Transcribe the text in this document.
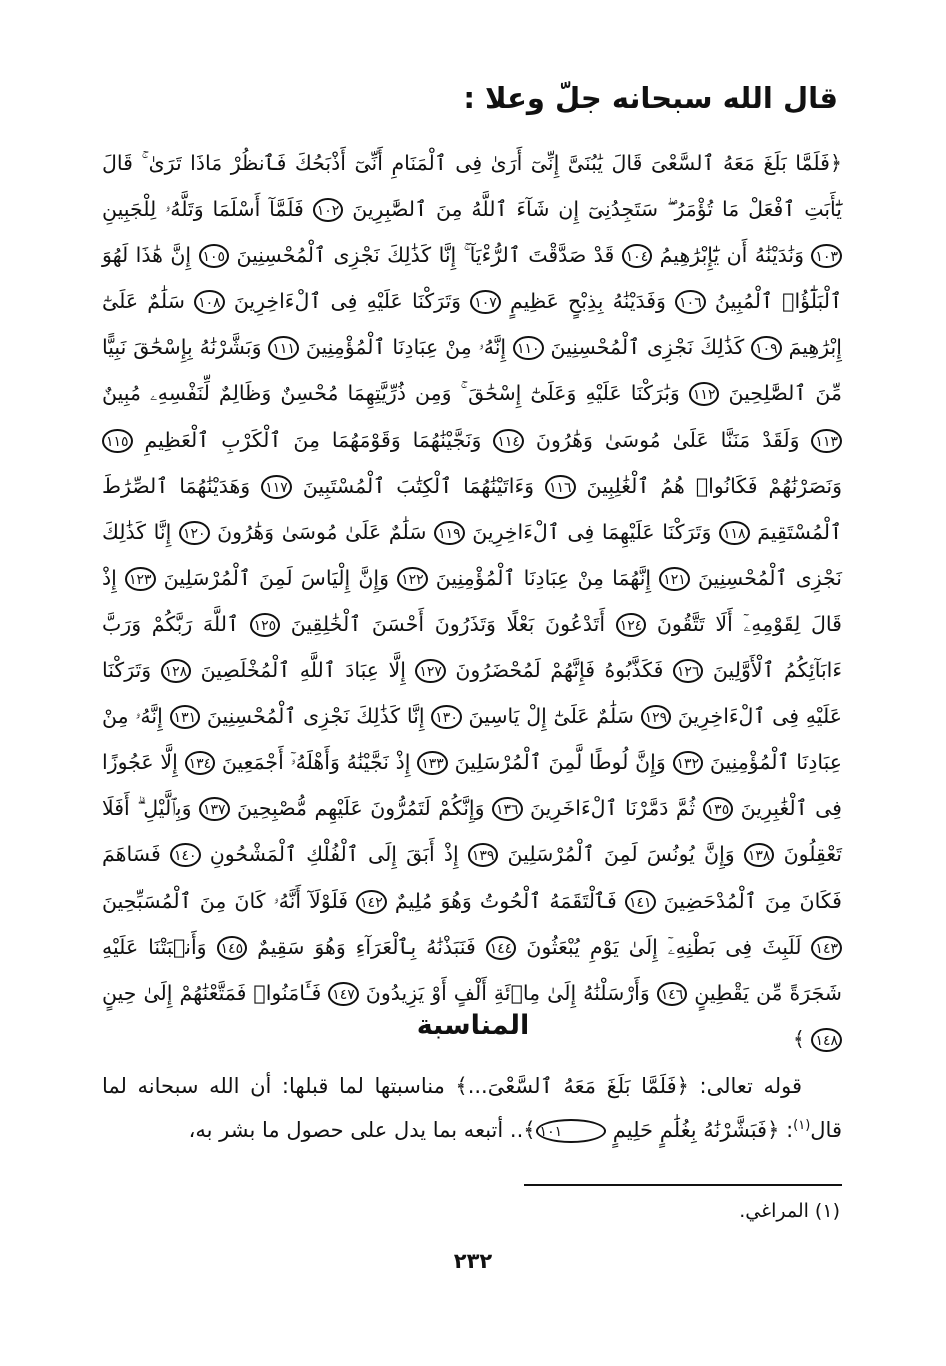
قال الله سبحانه جلّ وعلا :

﴿فَلَمَّا بَلَغَ مَعَهُ ٱلسَّعْىَ قَالَ يَٰبُنَىَّ إِنِّىٓ أَرَىٰ فِى ٱلْمَنَامِ أَنِّىٓ أَذْبَحُكَ فَٱنظُرْ مَاذَا تَرَىٰ ۚ قَالَ يَٰٓأَبَتِ ٱفْعَلْ مَا تُؤْمَرُ ۖ سَتَجِدُنِىٓ إِن شَآءَ ٱللَّهُ مِنَ ٱلصَّٰبِرِينَ ١٠٢ فَلَمَّآ أَسْلَمَا وَتَلَّهُۥ لِلْجَبِينِ ١٠٣ وَنَٰدَيْنَٰهُ أَن يَٰٓإِبْرَٰهِيمُ ١٠٤ قَدْ صَدَّقْتَ ٱلرُّءْيَآ ۚ إِنَّا كَذَٰلِكَ نَجْزِى ٱلْمُحْسِنِينَ ١٠٥ إِنَّ هَٰذَا لَهُوَ ٱلْبَلَٰٓؤُا۟ ٱلْمُبِينُ ١٠٦ وَفَدَيْنَٰهُ بِذِبْحٍ عَظِيمٍ ١٠٧ وَتَرَكْنَا عَلَيْهِ فِى ٱلْءَاخِرِينَ ١٠٨ سَلَٰمٌ عَلَىٰٓ إِبْرَٰهِيمَ ١٠٩ كَذَٰلِكَ نَجْزِى ٱلْمُحْسِنِينَ ١١٠ إِنَّهُۥ مِنْ عِبَادِنَا ٱلْمُؤْمِنِينَ ١١١ وَبَشَّرْنَٰهُ بِإِسْحَٰقَ نَبِيًّا مِّنَ ٱلصَّٰلِحِينَ ١١٢ وَبَٰرَكْنَا عَلَيْهِ وَعَلَىٰٓ إِسْحَٰقَ ۚ وَمِن ذُرِّيَّتِهِمَا مُحْسِنٌ وَظَالِمٌ لِّنَفْسِهِۦ مُبِينٌ ١١٣ وَلَقَدْ مَنَنَّا عَلَىٰ مُوسَىٰ وَهَٰرُونَ ١١٤ وَنَجَّيْنَٰهُمَا وَقَوْمَهُمَا مِنَ ٱلْكَرْبِ ٱلْعَظِيمِ ١١٥ وَنَصَرْنَٰهُمْ فَكَانُوا۟ هُمُ ٱلْغَٰلِبِينَ ١١٦ وَءَاتَيْنَٰهُمَا ٱلْكِتَٰبَ ٱلْمُسْتَبِينَ ١١٧ وَهَدَيْنَٰهُمَا ٱلصِّرَٰطَ ٱلْمُسْتَقِيمَ ١١٨ وَتَرَكْنَا عَلَيْهِمَا فِى ٱلْءَاخِرِينَ ١١٩ سَلَٰمٌ عَلَىٰ مُوسَىٰ وَهَٰرُونَ ١٢٠ إِنَّا كَذَٰلِكَ نَجْزِى ٱلْمُحْسِنِينَ ١٢١ إِنَّهُمَا مِنْ عِبَادِنَا ٱلْمُؤْمِنِينَ ١٢٢ وَإِنَّ إِلْيَاسَ لَمِنَ ٱلْمُرْسَلِينَ ١٢٣ إِذْ قَالَ لِقَوْمِهِۦٓ أَلَا تَتَّقُونَ ١٢٤ أَتَدْعُونَ بَعْلًا وَتَذَرُونَ أَحْسَنَ ٱلْخَٰلِقِينَ ١٢٥ ٱللَّهَ رَبَّكُمْ وَرَبَّ ءَابَآئِكُمُ ٱلْأَوَّلِينَ ١٢٦ فَكَذَّبُوهُ فَإِنَّهُمْ لَمُحْضَرُونَ ١٢٧ إِلَّا عِبَادَ ٱللَّهِ ٱلْمُخْلَصِينَ ١٢٨ وَتَرَكْنَا عَلَيْهِ فِى ٱلْءَاخِرِينَ ١٢٩ سَلَٰمٌ عَلَىٰٓ إِلْ يَاسِينَ ١٣٠ إِنَّا كَذَٰلِكَ نَجْزِى ٱلْمُحْسِنِينَ ١٣١ إِنَّهُۥ مِنْ عِبَادِنَا ٱلْمُؤْمِنِينَ ١٣٢ وَإِنَّ لُوطًا لَّمِنَ ٱلْمُرْسَلِينَ ١٣٣ إِذْ نَجَّيْنَٰهُ وَأَهْلَهُۥٓ أَجْمَعِينَ ١٣٤ إِلَّا عَجُوزًا فِى ٱلْغَٰبِرِينَ ١٣٥ ثُمَّ دَمَّرْنَا ٱلْءَاخَرِينَ ١٣٦ وَإِنَّكُمْ لَتَمُرُّونَ عَلَيْهِم مُّصْبِحِينَ ١٣٧ وَبِٱلَّيْلِ ۗ أَفَلَا تَعْقِلُونَ ١٣٨ وَإِنَّ يُونُسَ لَمِنَ ٱلْمُرْسَلِينَ ١٣٩ إِذْ أَبَقَ إِلَى ٱلْفُلْكِ ٱلْمَشْحُونِ ١٤٠ فَسَاهَمَ فَكَانَ مِنَ ٱلْمُدْحَضِينَ ١٤١ فَٱلْتَقَمَهُ ٱلْحُوتُ وَهُوَ مُلِيمٌ ١٤٢ فَلَوْلَآ أَنَّهُۥ كَانَ مِنَ ٱلْمُسَبِّحِينَ ١٤٣ لَلَبِثَ فِى بَطْنِهِۦٓ إِلَىٰ يَوْمِ يُبْعَثُونَ ١٤٤ فَنَبَذْنَٰهُ بِٱلْعَرَآءِ وَهُوَ سَقِيمٌ ١٤٥ وَأَنۢبَتْنَا عَلَيْهِ شَجَرَةً مِّن يَقْطِينٍ ١٤٦ وَأَرْسَلْنَٰهُ إِلَىٰ مِا۟ئَةِ أَلْفٍ أَوْ يَزِيدُونَ ١٤٧ فَـَٔامَنُوا۟ فَمَتَّعْنَٰهُمْ إِلَىٰ حِينٍ ١٤٨ ﴾

المناسبة

قوله تعالى: ﴿فَلَمَّا بَلَغَ مَعَهُ ٱلسَّعْىَ...﴾ مناسبتها لما قبلها: أن الله سبحانه لما قال$^{(١)}$: ﴿فَبَشَّرْنَٰهُ بِغُلَٰمٍ حَلِيمٍ ١٠١﴾.. أتبعه بما يدل على حصول ما بشر به،

(١) المراغي.
٢٣٢
